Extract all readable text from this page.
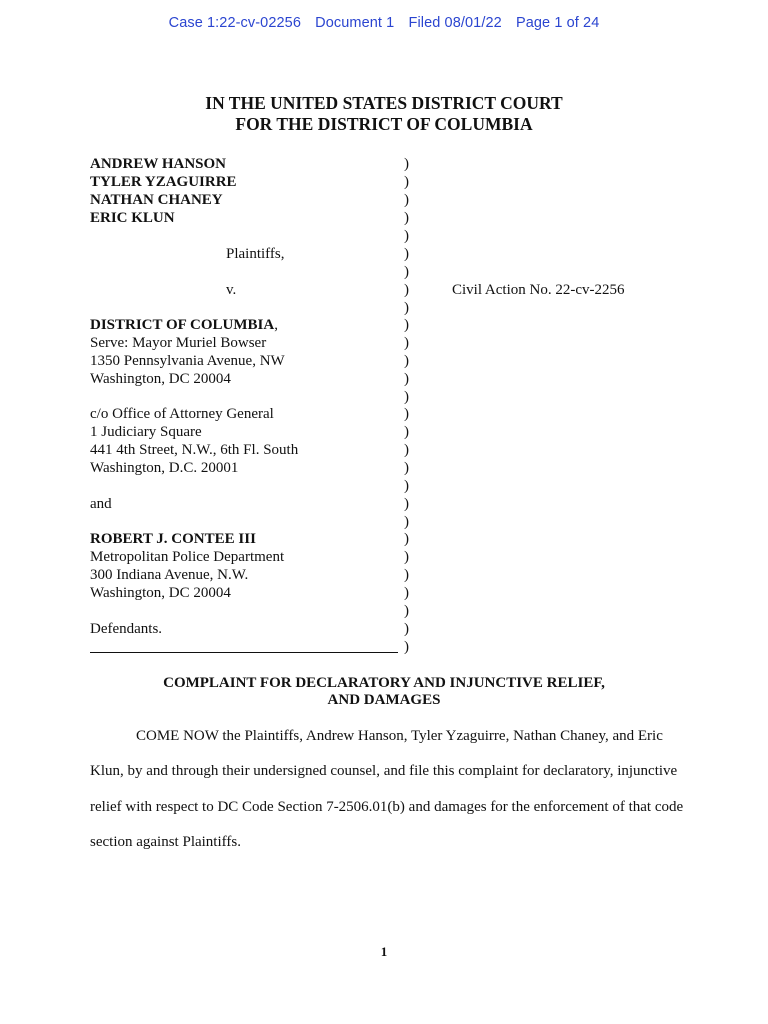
Case 1:22-cv-02256 Document 1 Filed 08/01/22 Page 1 of 24
IN THE UNITED STATES DISTRICT COURT
FOR THE DISTRICT OF COLUMBIA
ANDREW HANSON
TYLER YZAGUIRRE
NATHAN CHANEY
ERIC KLUN
Plaintiffs,
v.
DISTRICT OF COLUMBIA,
Serve: Mayor Muriel Bowser
1350 Pennsylvania Avenue, NW
Washington, DC 20004
c/o Office of Attorney General
1 Judiciary Square
441 4th Street, N.W., 6th Fl. South
Washington, D.C. 20001
and
ROBERT J. CONTEE III
Metropolitan Police Department
300 Indiana Avenue, N.W.
Washington, DC 20004
Defendants.
)
)
)
)
)
)
)
)
)
)
)
)
)
)
)
)
)
)
)
)
)
)
)
)
)
)
)
)
Civil Action No. 22-cv-2256
COMPLAINT FOR DECLARATORY AND INJUNCTIVE RELIEF,
AND DAMAGES
COME NOW the Plaintiffs, Andrew Hanson, Tyler Yzaguirre, Nathan Chaney, and Eric
Klun, by and through their undersigned counsel, and file this complaint for declaratory, injunctive
relief with respect to DC Code Section 7-2506.01(b) and damages for the enforcement of that code
section against Plaintiffs.
1
